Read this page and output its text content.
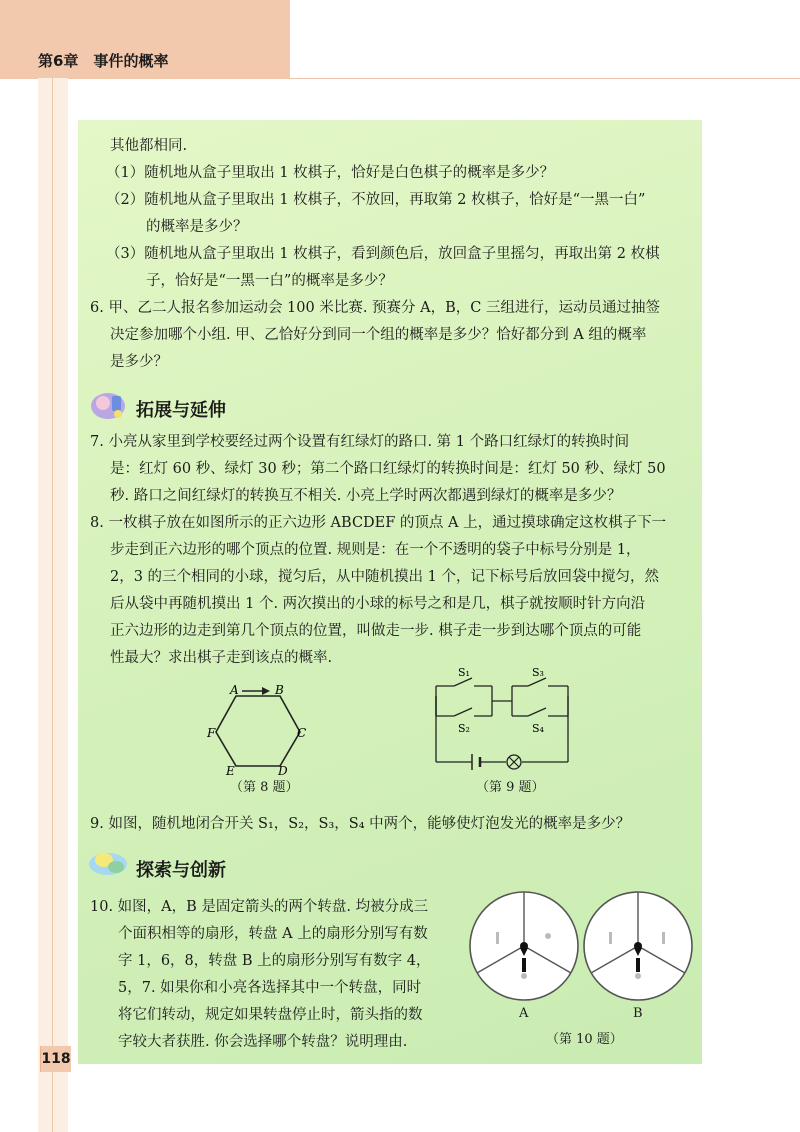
第6章　事件的概率
其他都相同.
（1）随机地从盒子里取出 1 枚棋子，恰好是白色棋子的概率是多少？
（2）随机地从盒子里取出 1 枚棋子，不放回，再取第 2 枚棋子，恰好是“一黑一白”
的概率是多少？
（3）随机地从盒子里取出 1 枚棋子，看到颜色后，放回盒子里摇匀，再取出第 2 枚棋
子，恰好是“一黑一白”的概率是多少？
6. 甲、乙二人报名参加运动会 100 米比赛. 预赛分 A，B，C 三组进行，运动员通过抽签
决定参加哪个小组. 甲、乙恰好分到同一个组的概率是多少？恰好都分到 A 组的概率
是多少？
拓展与延伸
7. 小亮从家里到学校要经过两个设置有红绿灯的路口. 第 1 个路口红绿灯的转换时间
是：红灯 60 秒、绿灯 30 秒；第二个路口红绿灯的转换时间是：红灯 50 秒、绿灯 50
秒. 路口之间红绿灯的转换互不相关. 小亮上学时两次都遇到绿灯的概率是多少？
8. 一枚棋子放在如图所示的正六边形 ABCDEF 的顶点 A 上，通过摸球确定这枚棋子下一
步走到正六边形的哪个顶点的位置. 规则是：在一个不透明的袋子中标号分别是 1，
2，3 的三个相同的小球，搅匀后，从中随机摸出 1 个，记下标号后放回袋中搅匀，然
后从袋中再随机摸出 1 个. 两次摸出的小球的标号之和是几，棋子就按顺时针方向沿
正六边形的边走到第几个顶点的位置，叫做走一步. 棋子走一步到达哪个顶点的可能
性最大？求出棋子走到该点的概率.
A	B
C
D
E
F
（第 8 题）
S₁
S₂
S₃
S₄
（第 9 题）
9. 如图，随机地闭合开关 S₁，S₂，S₃，S₄ 中两个，能够使灯泡发光的概率是多少？
探索与创新
10. 如图，A，B 是固定箭头的两个转盘. 均被分成三
个面积相等的扇形，转盘 A 上的扇形分别写有数
字 1，6，8，转盘 B 上的扇形分别写有数字 4，
5，7. 如果你和小亮各选择其中一个转盘，同时
将它们转动，规定如果转盘停止时，箭头指的数
字较大者获胜. 你会选择哪个转盘？说明理由.
A	B
（第 10 题）
118
